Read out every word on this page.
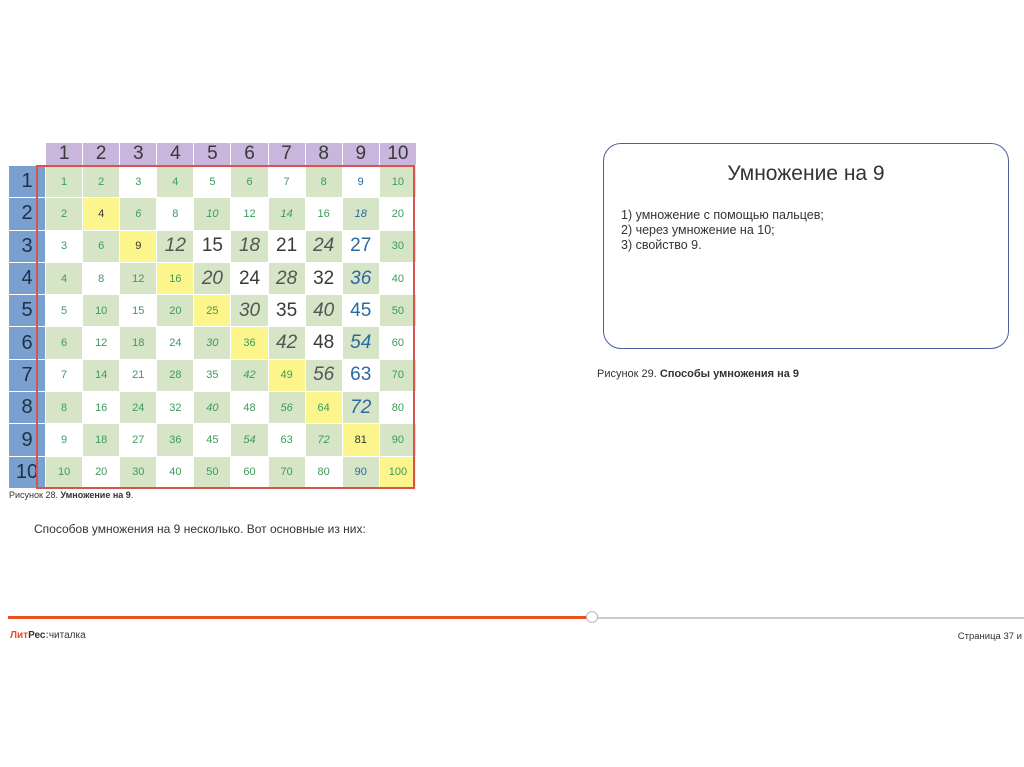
	1	2	3	4	5	6	7	8	9	10
1	1	2	3	4	5	6	7	8	9	10
2	2	4	6	8	10	12	14	16	18	20
3	3	6	9	12	15	18	21	24	27	30
4	4	8	12	16	20	24	28	32	36	40
5	5	10	15	20	25	30	35	40	45	50
6	6	12	18	24	30	36	42	48	54	60
7	7	14	21	28	35	42	49	56	63	70
8	8	16	24	32	40	48	56	64	72	80
9	9	18	27	36	45	54	63	72	81	90
10	10	20	30	40	50	60	70	80	90	100
Рисунок 28. Умножение на 9.
Способов умножения на 9 несколько. Вот основные из них:
Умножение на 9
1) умножение с помощью пальцев;
2) через умножение на 10;
3) свойство 9.
Рисунок 29. Способы умножения на 9
ЛитРес:читалка	Страница 37 и
